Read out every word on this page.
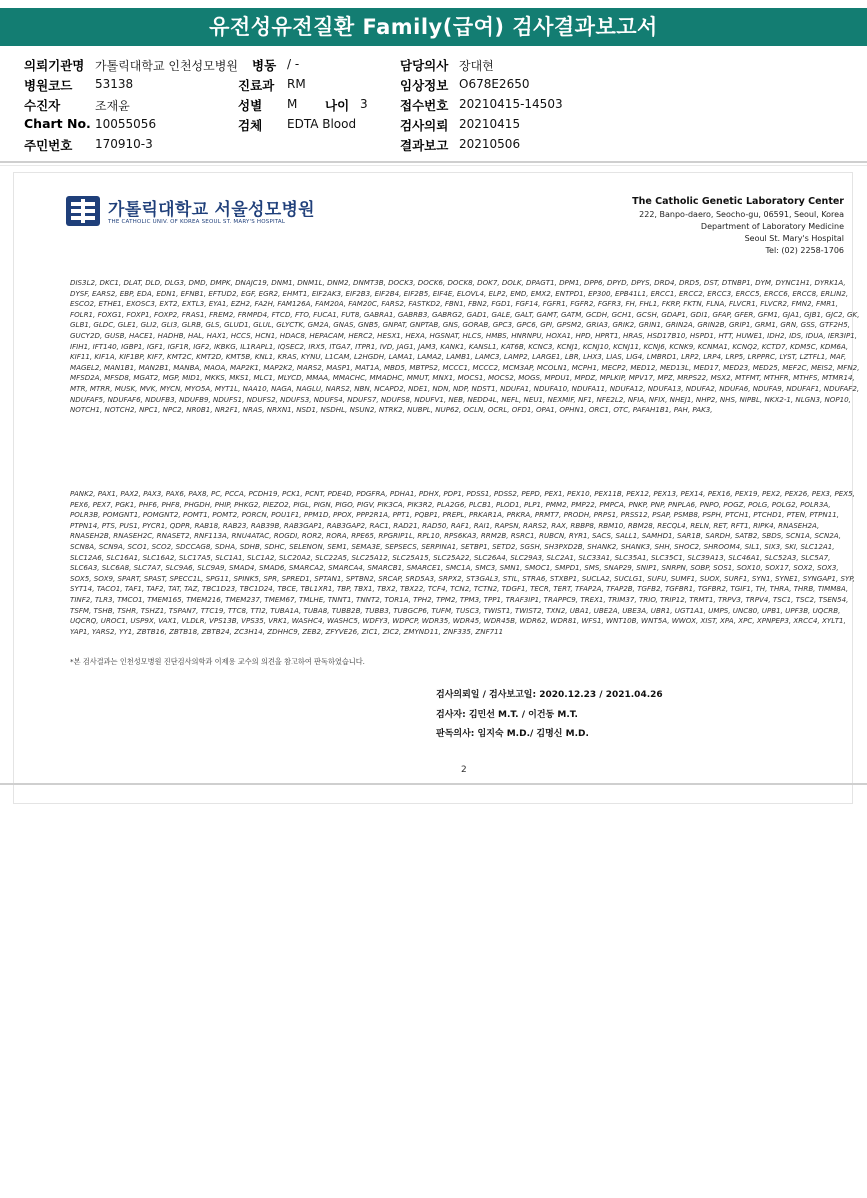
유전성유전질환 Family(급여) 검사결과보고서
의뢰기관명 가톨릭대학교 인천성모병원 병동 / -	담당의사 장대현
병원코드 53138	진료과 RM	임상정보 O678E2650
수진자	조재윤	성별 M 나이 3	접수번호 20210415-14503
Chart No. 10055056	검체 EDTA Blood	검사의뢰 20210415
주민번호 170910-3	결과보고 20210506
가톨릭대학교 서울성모병원
THE CATHOLIC UNIV. OF KOREA SEOUL ST. MARY'S HOSPITAL
The Catholic Genetic Laboratory Center
222, Banpo-daero, Seocho-gu, 06591, Seoul, Korea
Department of Laboratory Medicine
Seoul St. Mary's Hospital
Tel: (02) 2258-1706
DIS3L2, DKC1, DLAT, DLD, DLG3, DMD, DMPK, DNAJC19, DNM1, DNM1L, DNM2, DNMT3B, DOCK3, DOCK6, DOCK8, DOK7, DOLK, DPAGT1, DPM1, DPP6, DPYD, DPYS, DRD4, DRD5, DST, DTNBP1, DYM, DYNC1H1, DYRK1A, DYSF, EARS2, EBP, EDA, EDN1, EFNB1, EFTUD2, EGF, EGR2, EHMT1, EIF2AK3, EIF2B3, EIF2B4, EIF2B5, EIF4E, ELOVL4, ELP2, EMD, EMX2, ENTPD1, EP300, EPB41L1, ERCC1, ERCC2, ERCC3, ERCC5, ERCC6, ERCC8, ERLIN2, ESCO2, ETHE1, EXOSC3, EXT2, EXTL3, EYA1, EZH2, FA2H, FAM126A, FAM20A, FAM20C, FARS2, FASTKD2, FBN1, FBN2, FGD1, FGF14, FGFR1, FGFR2, FGFR3, FH, FHL1, FKRP, FKTN, FLNA, FLVCR1, FLVCR2, FMN2, FMR1, FOLR1, FOXG1, FOXP1, FOXP2, FRAS1, FREM2, FRMPD4, FTCD, FTO, FUCA1, FUT8, GABRA1, GABRB3, GABRG2, GAD1, GALE, GALT, GAMT, GATM, GCDH, GCH1, GCSH, GDAP1, GDI1, GFAP, GFER, GFM1, GJA1, GJB1, GJC2, GK, GLB1, GLDC, GLE1, GLI2, GLI3, GLRB, GLS, GLUD1, GLUL, GLYCTK, GM2A, GNAS, GNB5, GNPAT, GNPTAB, GNS, GORAB, GPC3, GPC6, GPI, GPSM2, GRIA3, GRIK2, GRIN1, GRIN2A, GRIN2B, GRIP1, GRM1, GRN, GSS, GTF2H5, GUCY2D, GUSB, HACE1, HADHB, HAL, HAX1, HCCS, HCN1, HDAC8, HEPACAM, HERC2, HESX1, HEXA, HGSNAT, HLCS, HMBS, HNRNPU, HOXA1, HPD, HPRT1, HRAS, HSD17B10, HSPD1, HTT, HUWE1, IDH2, IDS, IDUA, IER3IP1, IFIH1, IFT140, IGBP1, IGF1, IGF1R, IGF2, IKBKG, IL1RAPL1, IQSEC2, IRX5, ITGA7, ITPR1, IVD, JAG1, JAM3, KANK1, KANSL1, KAT6B, KCNC3, KCNJ1, KCNJ10, KCNJ11, KCNJ6, KCNK9, KCNMA1, KCNQ2, KCTD7, KDM5C, KDM6A, KIF11, KIF1A, KIF1BP, KIF7, KMT2C, KMT2D, KMT5B, KNL1, KRAS, KYNU, L1CAM, L2HGDH, LAMA1, LAMA2, LAMB1, LAMC3, LAMP2, LARGE1, LBR, LHX3, LIAS, LIG4, LMBRD1, LRP2, LRP4, LRP5, LRPPRC, LYST, LZTFL1, MAF, MAGEL2, MAN1B1, MAN2B1, MANBA, MAOA, MAP2K1, MAP2K2, MARS2, MASP1, MAT1A, MBD5, MBTPS2, MCCC1, MCCC2, MCM3AP, MCOLN1, MCPH1, MECP2, MED12, MED13L, MED17, MED23, MED25, MEF2C, MEIS2, MFN2, MFSD2A, MFSD8, MGAT2, MGP, MID1, MKKS, MKS1, MLC1, MLYCD, MMAA, MMACHC, MMADHC, MMUT, MNX1, MOCS1, MOCS2, MOGS, MPDU1, MPDZ, MPLKIP, MPV17, MPZ, MRPS22, MSX2, MTFMT, MTHFR, MTHFS, MTMR14, MTR, MTRR, MUSK, MVK, MYCN, MYO5A, MYT1L, NAA10, NAGA, NAGLU, NARS2, NBN, NCAPD2, NDE1, NDN, NDP, NDST1, NDUFA1, NDUFA10, NDUFA11, NDUFA12, NDUFA13, NDUFA2, NDUFA6, NDUFA9, NDUFAF1, NDUFAF2, NDUFAF5, NDUFAF6, NDUFB3, NDUFB9, NDUFS1, NDUFS2, NDUFS3, NDUFS4, NDUFS7, NDUFS8, NDUFV1, NEB, NEDD4L, NEFL, NEU1, NEXMIF, NF1, NFE2L2, NFIA, NFIX, NHEJ1, NHP2, NHS, NIPBL, NKX2-1, NLGN3, NOP10, NOTCH1, NOTCH2, NPC1, NPC2, NR0B1, NR2F1, NRAS, NRXN1, NSD1, NSDHL, NSUN2, NTRK2, NUBPL, NUP62, OCLN, OCRL, OFD1, OPA1, OPHN1, ORC1, OTC, PAFAH1B1, PAH, PAK3,
PANK2, PAX1, PAX2, PAX3, PAX6, PAX8, PC, PCCA, PCDH19, PCK1, PCNT, PDE4D, PDGFRA, PDHA1, PDHX, PDP1, PDSS1, PDSS2, PEPD, PEX1, PEX10, PEX11B, PEX12, PEX13, PEX14, PEX16, PEX19, PEX2, PEX26, PEX3, PEX5, PEX6, PEX7, PGK1, PHF6, PHF8, PHGDH, PHIP, PHKG2, PIEZO2, PIGL, PIGN, PIGO, PIGV, PIK3CA, PIK3R2, PLA2G6, PLCB1, PLOD1, PLP1, PMM2, PMP22, PMPCA, PNKP, PNP, PNPLA6, PNPO, POGZ, POLG, POLG2, POLR3A, POLR3B, POMGNT1, POMGNT2, POMT1, POMT2, PORCN, POU1F1, PPM1D, PPOX, PPP2R1A, PPT1, PQBP1, PREPL, PRKAR1A, PRKRA, PRMT7, PRODH, PRPS1, PRSS12, PSAP, PSMB8, PSPH, PTCH1, PTCHD1, PTEN, PTPN11, PTPN14, PTS, PUS1, PYCR1, QDPR, RAB18, RAB23, RAB39B, RAB3GAP1, RAB3GAP2, RAC1, RAD21, RAD50, RAF1, RAI1, RAPSN, RARS2, RAX, RBBP8, RBM10, RBM28, RECQL4, RELN, RET, RFT1, RIPK4, RNASEH2A, RNASEH2B, RNASEH2C, RNASET2, RNF113A, RNU4ATAC, ROGDI, ROR2, RORA, RPE65, RPGRIP1L, RPL10, RPS6KA3, RRM2B, RSRC1, RUBCN, RYR1, SACS, SALL1, SAMHD1, SAR1B, SARDH, SATB2, SBDS, SCN1A, SCN2A, SCN8A, SCN9A, SCO1, SCO2, SDCCAG8, SDHA, SDHB, SDHC, SELENON, SEM1, SEMA3E, SEPSECS, SERPINA1, SETBP1, SETD2, SGSH, SH3PXD2B, SHANK2, SHANK3, SHH, SHOC2, SHROOM4, SIL1, SIX3, SKI, SLC12A1, SLC12A6, SLC16A1, SLC16A2, SLC17A5, SLC1A1, SLC1A2, SLC20A2, SLC22A5, SLC25A12, SLC25A15, SLC25A22, SLC26A4, SLC29A3, SLC2A1, SLC33A1, SLC35A1, SLC35C1, SLC39A13, SLC46A1, SLC52A3, SLC5A7, SLC6A3, SLC6A8, SLC7A7, SLC9A6, SLC9A9, SMAD4, SMAD6, SMARCA2, SMARCA4, SMARCB1, SMARCE1, SMC1A, SMC3, SMN1, SMOC1, SMPD1, SMS, SNAP29, SNIP1, SNRPN, SOBP, SOS1, SOX10, SOX17, SOX2, SOX3, SOX5, SOX9, SPART, SPAST, SPECC1L, SPG11, SPINK5, SPR, SPRED1, SPTAN1, SPTBN2, SRCAP, SRD5A3, SRPX2, ST3GAL3, STIL, STRA6, STXBP1, SUCLA2, SUCLG1, SUFU, SUMF1, SUOX, SURF1, SYN1, SYNE1, SYNGAP1, SYP, SYT14, TACO1, TAF1, TAF2, TAT, TAZ, TBC1D23, TBC1D24, TBCE, TBL1XR1, TBP, TBX1, TBX2, TBX22, TCF4, TCN2, TCTN2, TDGF1, TECR, TERT, TFAP2A, TFAP2B, TGFB2, TGFBR1, TGFBR2, TGIF1, TH, THRA, THRB, TIMM8A, TINF2, TLR3, TMCO1, TMEM165, TMEM216, TMEM237, TMEM67, TMLHE, TNNT1, TNNT2, TOR1A, TPH2, TPM2, TPM3, TPP1, TRAF3IP1, TRAPPC9, TREX1, TRIM37, TRIO, TRIP12, TRMT1, TRPV3, TRPV4, TSC1, TSC2, TSEN54, TSFM, TSHB, TSHR, TSHZ1, TSPAN7, TTC19, TTC8, TTI2, TUBA1A, TUBA8, TUBB2B, TUBB3, TUBGCP6, TUFM, TUSC3, TWIST1, TWIST2, TXN2, UBA1, UBE2A, UBE3A, UBR1, UGT1A1, UMPS, UNC80, UPB1, UPF3B, UQCRB, UQCRQ, UROC1, USP9X, VAX1, VLDLR, VPS13B, VPS35, VRK1, WASHC4, WASHC5, WDFY3, WDPCP, WDR35, WDR45, WDR45B, WDR62, WDR81, WFS1, WNT10B, WNT5A, WWOX, XIST, XPA, XPC, XPNPEP3, XRCC4, XYLT1, YAP1, YARS2, YY1, ZBTB16, ZBTB18, ZBTB24, ZC3H14, ZDHHC9, ZEB2, ZFYVE26, ZIC1, ZIC2, ZMYND11, ZNF335, ZNF711
*본 검사결과는 인천성모병원 진단검사의학과 이제용 교수의 의견을 참고하여 판독하였습니다.
검사의뢰일 / 검사보고일: 2020.12.23 / 2021.04.26
검사자: 김민선 M.T. / 이건동 M.T.
판독의사: 임지숙 M.D./ 김명신 M.D.
2
